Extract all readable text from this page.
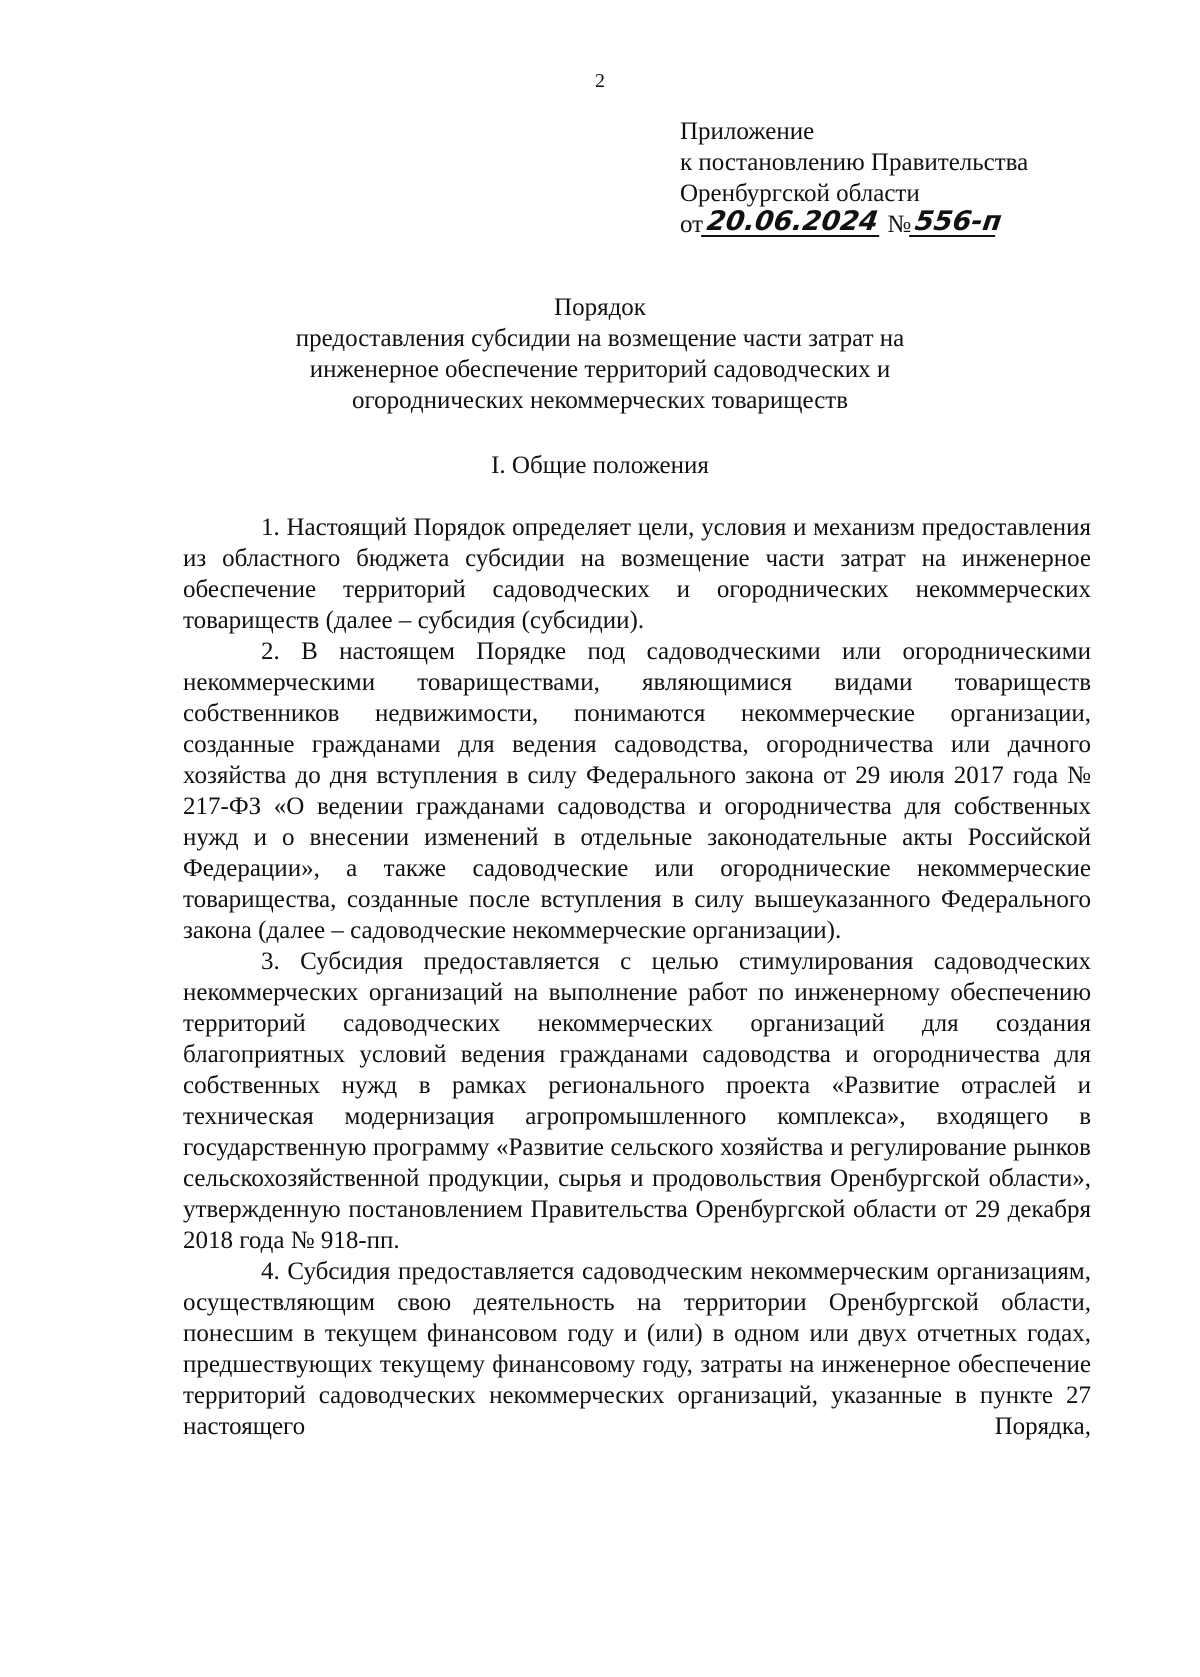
2
Приложение
к постановлению Правительства
Оренбургской области
от20.06.2024 №556-п
Порядок
предоставления субсидии на возмещение части затрат на
инженерное обеспечение территорий садоводческих и
огороднических некоммерческих товариществ
I. Общие положения

1. Настоящий Порядок определяет цели, условия и механизм предоставления из областного бюджета субсидии на возмещение части затрат на инженерное обеспечение территорий садоводческих и огороднических некоммерческих товариществ (далее – субсидия (субсидии).

2. В настоящем Порядке под садоводческими или огородническими некоммерческими товариществами, являющимися видами товариществ собственников недвижимости, понимаются некоммерческие организации, созданные гражданами для ведения садоводства, огородничества или дачного хозяйства до дня вступления в силу Федерального закона от 29 июля 2017 года № 217-ФЗ «О ведении гражданами садоводства и огородничества для собственных нужд и о внесении изменений в отдельные законодательные акты Российской Федерации», а также садоводческие или огороднические некоммерческие товарищества, созданные после вступления в силу вышеуказанного Федерального закона (далее – садоводческие некоммерческие организации).

3. Субсидия предоставляется с целью стимулирования садоводческих некоммерческих организаций на выполнение работ по инженерному обеспечению территорий садоводческих некоммерческих организаций для создания благоприятных условий ведения гражданами садоводства и огородничества для собственных нужд в рамках регионального проекта «Развитие отраслей и техническая модернизация агропромышленного комплекса», входящего в государственную программу «Развитие сельского хозяйства и регулирование рынков сельскохозяйственной продукции, сырья и продовольствия Оренбургской области», утвержденную постановлением Правительства Оренбургской области от 29 декабря 2018 года № 918-пп.

4. Субсидия предоставляется садоводческим некоммерческим организациям, осуществляющим свою деятельность на территории Оренбургской области, понесшим в текущем финансовом году и (или) в одном или двух отчетных годах, предшествующих текущему финансовому году, затраты на инженерное обеспечение территорий садоводческих некоммерческих организаций, указанные в пункте 27 настоящего Порядка,
